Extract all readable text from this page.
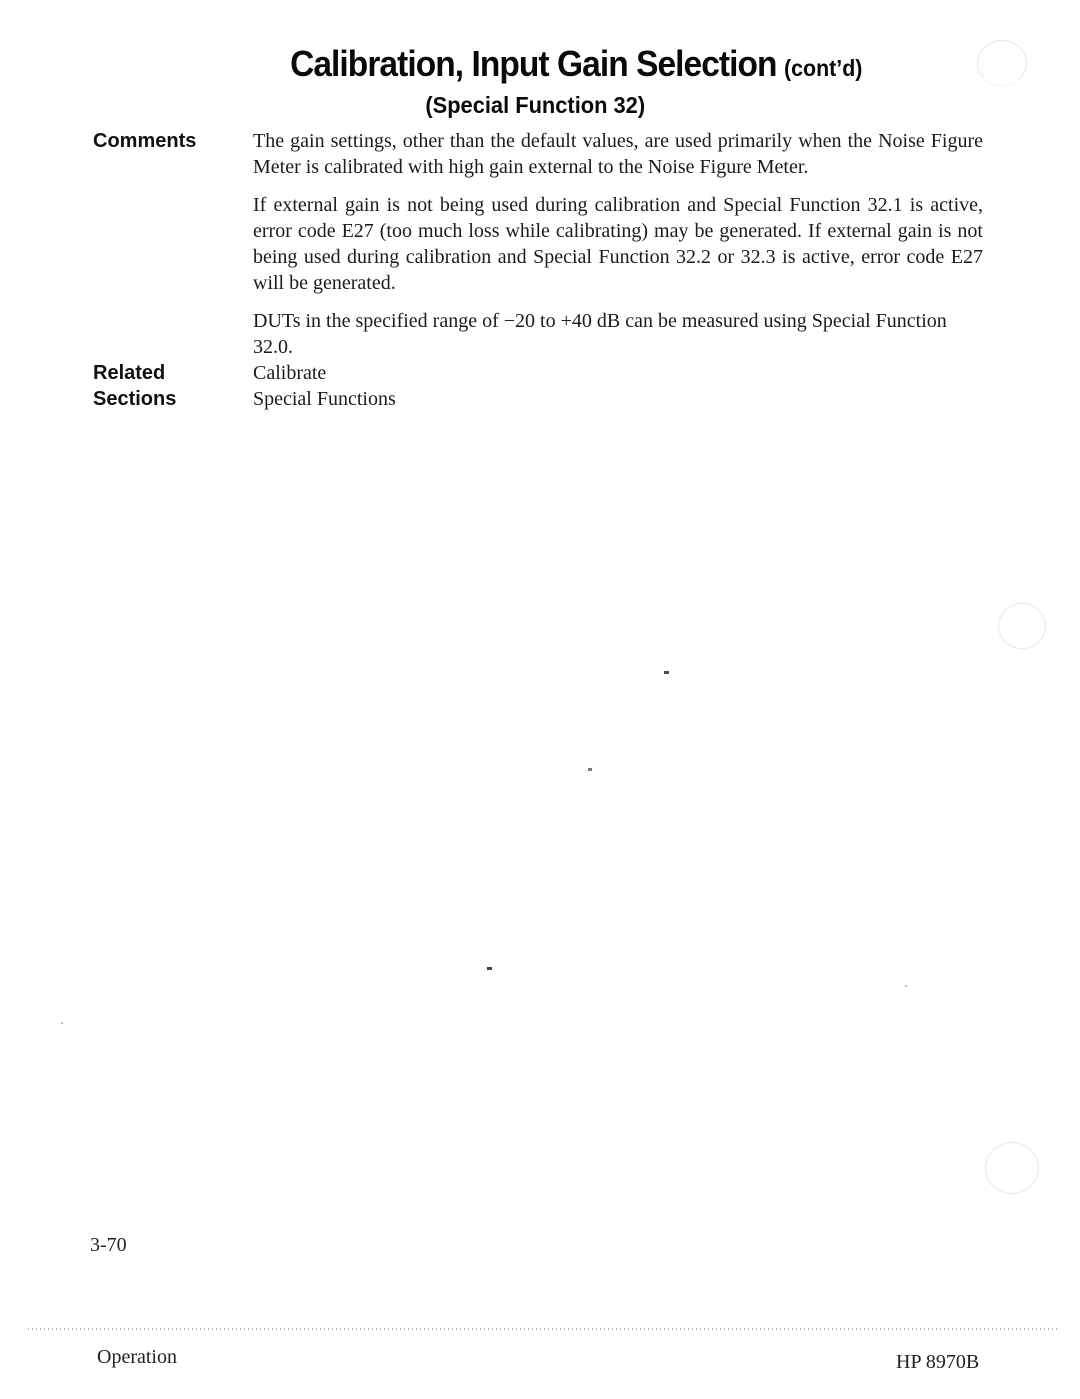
Calibration, Input Gain Selection (cont’d)
(Special Function 32)
Comments	The gain settings, other than the default values, are used primarily when the Noise Figure Meter is calibrated with high gain external to the Noise Figure Meter.

If external gain is not being used during calibration and Special Function 32.1 is active, error code E27 (too much loss while calibrating) may be generated. If external gain is not being used during calibration and Special Function 32.2 or 32.3 is active, error code E27 will be generated.

DUTs in the specified range of −20 to +40 dB can be measured using Special Function 32.0.

Related
Sections
Calibrate
Special Functions
3-70
Operation	HP 8970B
